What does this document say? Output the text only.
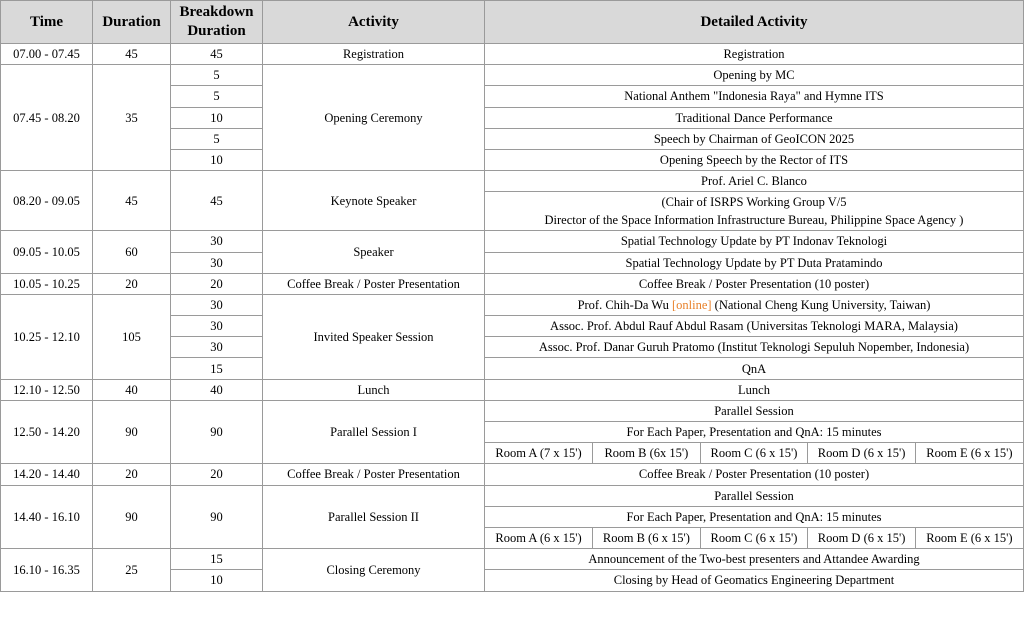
Time	Duration	Breakdown Duration	Activity	Detailed Activity
07.00 - 07.45	45	45	Registration	Registration
07.45 - 08.20	35	5	Opening Ceremony	Opening by MC
5	National Anthem "Indonesia Raya" and Hymne ITS
10	Traditional Dance Performance
5	Speech by Chairman of GeoICON 2025
10	Opening Speech by the Rector of ITS
08.20 - 09.05	45	45	Keynote Speaker	Prof. Ariel C. Blanco

(Chair of ISRPS Working Group V/5
Director of the Space Information Infrastructure Bureau, Philippine Space Agency )

09.05 - 10.05	60	30	Speaker	Spatial Technology Update by PT Indonav Teknologi
30	Spatial Technology Update by PT Duta Pratamindo
10.05 - 10.25	20	20	Coffee Break / Poster Presentation	Coffee Break / Poster Presentation (10 poster)
10.25 - 12.10	105	30	Invited Speaker Session	Prof. Chih-Da Wu [online] (National Cheng Kung University, Taiwan)
30	Assoc. Prof. Abdul Rauf Abdul Rasam (Universitas Teknologi MARA, Malaysia)
30	Assoc. Prof. Danar Guruh Pratomo (Institut Teknologi Sepuluh Nopember, Indonesia)
15	QnA
12.10 - 12.50	40	40	Lunch	Lunch
12.50 - 14.20	90	90	Parallel Session I	Parallel Session
For Each Paper, Presentation and QnA: 15 minutes

Room A (7 x 15')	Room B (6x 15')	Room C (6 x 15')	Room D (6 x 15')	Room E (6 x 15')

14.20 - 14.40	20	20	Coffee Break / Poster Presentation	Coffee Break / Poster Presentation (10 poster)
14.40 - 16.10	90	90	Parallel Session II	Parallel Session
For Each Paper, Presentation and QnA: 15 minutes

Room A (6 x 15')	Room B (6 x 15')	Room C (6 x 15')	Room D (6 x 15')	Room E (6 x 15')

16.10 - 16.35	25	15	Closing Ceremony	Announcement of the Two-best presenters and Attandee Awarding
10	Closing by Head of Geomatics Engineering Department
